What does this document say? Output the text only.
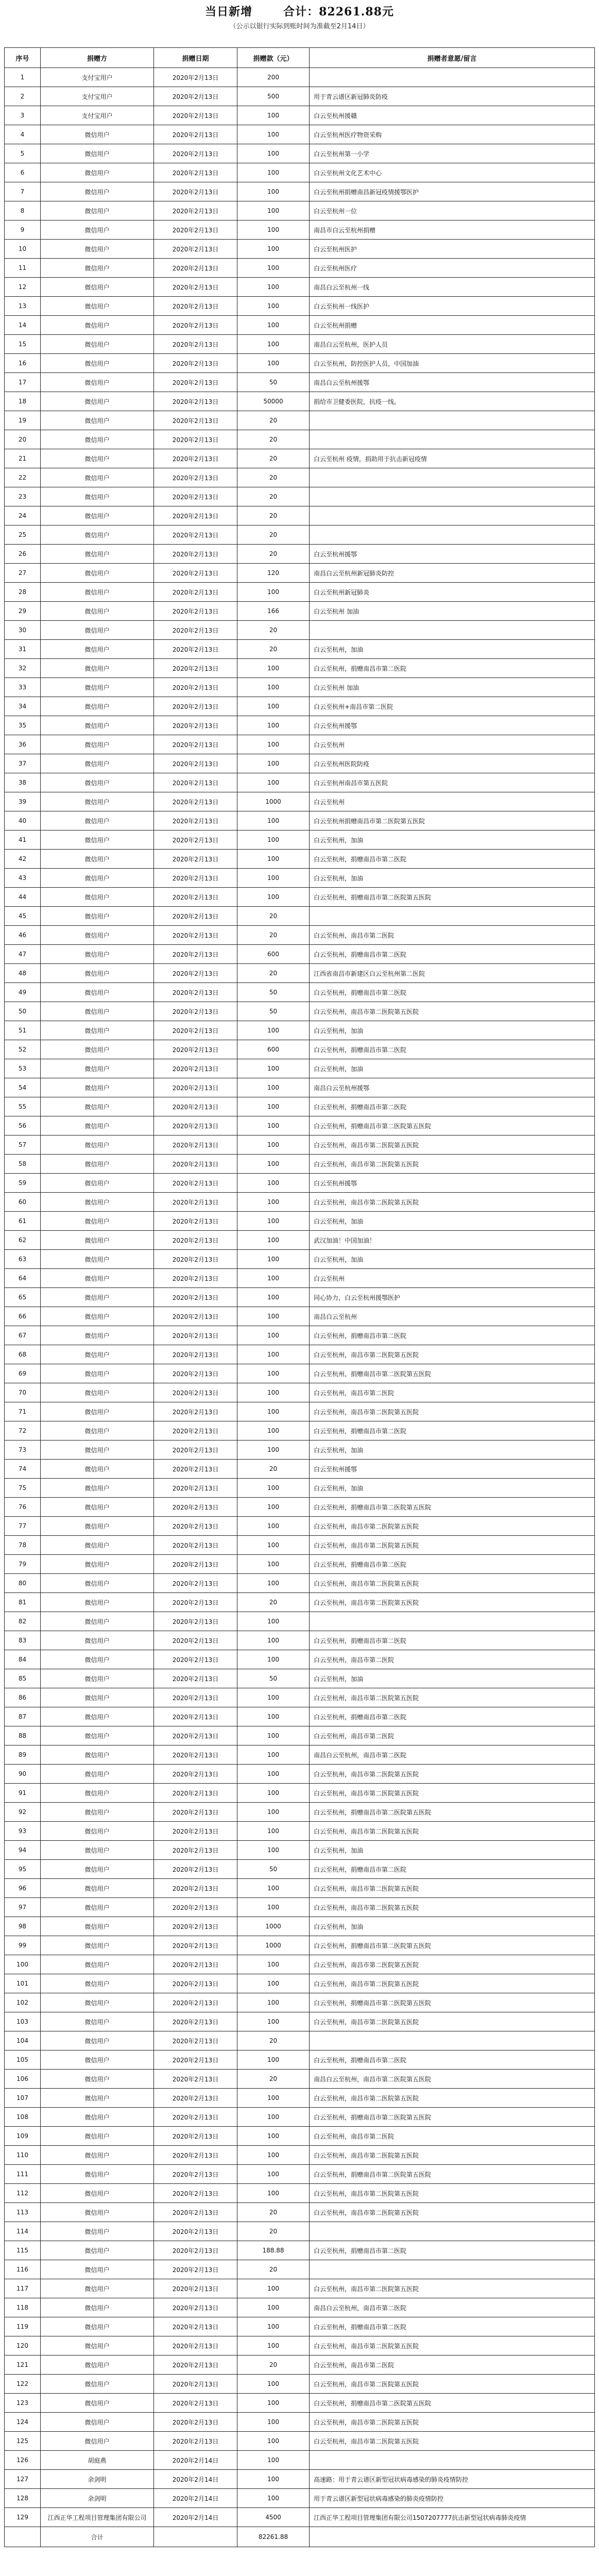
当日新增	合计：82261.88元
（公示以银行实际到账时间为准截至2月14日）
序号	捐赠方	捐赠日期	捐赠款（元）	捐赠者意愿/留言
1	支付宝用户	2020年2月13日	200	
2	支付宝用户	2020年2月13日	500	用于青云谱区新冠肺炎防疫
3	支付宝用户	2020年2月13日	100	白云至杭州援赣
4	微信用户	2020年2月13日	100	白云至杭州医疗物资采购
5	微信用户	2020年2月13日	100	白云至杭州第一小学
6	微信用户	2020年2月13日	100	白云至杭州文化艺术中心
7	微信用户	2020年2月13日	100	白云至杭州捐赠南昌新冠疫情援鄂医护
8	微信用户	2020年2月13日	100	白云至杭州一位
9	微信用户	2020年2月13日	100	南昌市白云至杭州捐赠
10	微信用户	2020年2月13日	100	白云至杭州医护
11	微信用户	2020年2月13日	100	白云至杭州医疗
12	微信用户	2020年2月13日	100	南昌白云至杭州一线
13	微信用户	2020年2月13日	100	白云至杭州一线医护
14	微信用户	2020年2月13日	100	白云至杭州捐赠
15	微信用户	2020年2月13日	100	南昌白云至杭州，医护人员
16	微信用户	2020年2月13日	100	白云至杭州，防控医护人员，中国加油
17	微信用户	2020年2月13日	50	南昌白云至杭州援鄂
18	微信用户	2020年2月13日	50000	捐给市卫健委医院，抗疫一线。
19	微信用户	2020年2月13日	20	
20	微信用户	2020年2月13日	20	
21	微信用户	2020年2月13日	20	白云至杭州 疫情，捐助用于抗击新冠疫情
22	微信用户	2020年2月13日	20	
23	微信用户	2020年2月13日	20	
24	微信用户	2020年2月13日	20	
25	微信用户	2020年2月13日	20	
26	微信用户	2020年2月13日	20	白云至杭州援鄂
27	微信用户	2020年2月13日	120	南昌白云至杭州新冠肺炎防控
28	微信用户	2020年2月13日	100	白云至杭州新冠肺炎
29	微信用户	2020年2月13日	166	白云至杭州 加油
30	微信用户	2020年2月13日	20	
31	微信用户	2020年2月13日	20	白云至杭州，加油
32	微信用户	2020年2月13日	100	白云至杭州，捐赠南昌市第二医院
33	微信用户	2020年2月13日	100	白云至杭州 加油
34	微信用户	2020年2月13日	100	白云至杭州+南昌市第二医院
35	微信用户	2020年2月13日	100	白云至杭州援鄂
36	微信用户	2020年2月13日	100	白云至杭州
37	微信用户	2020年2月13日	100	白云至杭州医院防疫
38	微信用户	2020年2月13日	100	白云至杭州南昌市第五医院
39	微信用户	2020年2月13日	1000	白云至杭州
40	微信用户	2020年2月13日	100	白云至杭州捐赠南昌市第二医院第五医院
41	微信用户	2020年2月13日	100	白云至杭州，加油
42	微信用户	2020年2月13日	100	白云至杭州，捐赠南昌市第二医院
43	微信用户	2020年2月13日	100	白云至杭州，加油
44	微信用户	2020年2月13日	100	白云至杭州，捐赠南昌市第二医院第五医院
45	微信用户	2020年2月13日	20	
46	微信用户	2020年2月13日	20	白云至杭州，南昌市第二医院
47	微信用户	2020年2月13日	600	白云至杭州，捐赠南昌市第二医院
48	微信用户	2020年2月13日	20	江西省南昌市新建区白云至杭州第二医院
49	微信用户	2020年2月13日	50	白云至杭州，捐赠南昌市第二医院
50	微信用户	2020年2月13日	50	白云至杭州，南昌市第二医院第五医院
51	微信用户	2020年2月13日	100	白云至杭州，加油
52	微信用户	2020年2月13日	600	白云至杭州，捐赠南昌市第二医院
53	微信用户	2020年2月13日	100	白云至杭州，加油
54	微信用户	2020年2月13日	100	南昌白云至杭州援鄂
55	微信用户	2020年2月13日	100	白云至杭州，捐赠南昌市第二医院
56	微信用户	2020年2月13日	100	白云至杭州，捐赠南昌市第二医院第五医院
57	微信用户	2020年2月13日	100	白云至杭州，南昌市第二医院第五医院
58	微信用户	2020年2月13日	100	白云至杭州，南昌市第二医院第五医院
59	微信用户	2020年2月13日	100	白云至杭州援鄂
60	微信用户	2020年2月13日	100	白云至杭州，南昌市第二医院第五医院
61	微信用户	2020年2月13日	100	白云至杭州，加油
62	微信用户	2020年2月13日	100	武汉加油！中国加油！
63	微信用户	2020年2月13日	100	白云至杭州，加油
64	微信用户	2020年2月13日	100	白云至杭州
65	微信用户	2020年2月13日	100	同心协力，白云至杭州援鄂医护
66	微信用户	2020年2月13日	100	南昌白云至杭州
67	微信用户	2020年2月13日	100	白云至杭州，捐赠南昌市第二医院
68	微信用户	2020年2月13日	100	白云至杭州，南昌市第二医院第五医院
69	微信用户	2020年2月13日	100	白云至杭州，捐赠南昌市第二医院第五医院
70	微信用户	2020年2月13日	100	白云至杭州，南昌市第二医院
71	微信用户	2020年2月13日	100	白云至杭州，南昌市第二医院第五医院
72	微信用户	2020年2月13日	100	白云至杭州，捐赠南昌市第二医院
73	微信用户	2020年2月13日	100	白云至杭州，加油
74	微信用户	2020年2月13日	20	白云至杭州援鄂
75	微信用户	2020年2月13日	100	白云至杭州，加油
76	微信用户	2020年2月13日	100	白云至杭州，捐赠南昌市第二医院第五医院
77	微信用户	2020年2月13日	100	白云至杭州，南昌市第二医院第五医院
78	微信用户	2020年2月13日	100	白云至杭州，南昌市第二医院第五医院
79	微信用户	2020年2月13日	100	白云至杭州，捐赠南昌市第二医院
80	微信用户	2020年2月13日	100	白云至杭州，南昌市第二医院第五医院
81	微信用户	2020年2月13日	20	白云至杭州，南昌市第二医院第五医院
82	微信用户	2020年2月13日	100	
83	微信用户	2020年2月13日	100	白云至杭州，捐赠南昌市第二医院
84	微信用户	2020年2月13日	100	白云至杭州，南昌市第二医院
85	微信用户	2020年2月13日	50	白云至杭州，加油
86	微信用户	2020年2月13日	100	白云至杭州，南昌市第二医院第五医院
87	微信用户	2020年2月13日	100	白云至杭州，捐赠南昌市第二医院
88	微信用户	2020年2月13日	100	白云至杭州，南昌市第二医院
89	微信用户	2020年2月13日	100	南昌白云至杭州，南昌市第二医院
90	微信用户	2020年2月13日	100	白云至杭州，南昌市第二医院第五医院
91	微信用户	2020年2月13日	100	白云至杭州，南昌市第二医院第五医院
92	微信用户	2020年2月13日	100	白云至杭州，捐赠南昌市第二医院第五医院
93	微信用户	2020年2月13日	100	白云至杭州，南昌市第二医院第五医院
94	微信用户	2020年2月13日	100	白云至杭州，加油
95	微信用户	2020年2月13日	50	白云至杭州，捐赠南昌市第二医院
96	微信用户	2020年2月13日	100	白云至杭州，南昌市第二医院第五医院
97	微信用户	2020年2月13日	100	白云至杭州，南昌市第二医院第五医院
98	微信用户	2020年2月13日	1000	白云至杭州，加油
99	微信用户	2020年2月13日	1000	白云至杭州，捐赠南昌市第二医院第五医院
100	微信用户	2020年2月13日	100	白云至杭州，南昌市第二医院第五医院
101	微信用户	2020年2月13日	100	白云至杭州，南昌市第二医院第五医院
102	微信用户	2020年2月13日	100	白云至杭州，捐赠南昌市第二医院第五医院
103	微信用户	2020年2月13日	100	白云至杭州，南昌市第二医院第五医院
104	微信用户	2020年2月13日	20	
105	微信用户	2020年2月13日	100	白云至杭州，捐赠南昌市第二医院
106	微信用户	2020年2月13日	20	南昌白云至杭州，南昌市第二医院第五医院
107	微信用户	2020年2月13日	100	白云至杭州，南昌市第二医院第五医院
108	微信用户	2020年2月13日	100	白云至杭州，捐赠南昌市第二医院第五医院
109	微信用户	2020年2月13日	100	白云至杭州，南昌市第二医院
110	微信用户	2020年2月13日	100	白云至杭州，南昌市第二医院第五医院
111	微信用户	2020年2月13日	100	白云至杭州，捐赠南昌市第二医院第五医院
112	微信用户	2020年2月13日	100	白云至杭州，南昌市第二医院第五医院
113	微信用户	2020年2月13日	20	白云至杭州，南昌市第二医院第五医院
114	微信用户	2020年2月13日	20	
115	微信用户	2020年2月13日	188.88	白云至杭州，捐赠南昌市第二医院
116	微信用户	2020年2月13日	20	
117	微信用户	2020年2月13日	100	白云至杭州，南昌市第二医院第五医院
118	微信用户	2020年2月13日	100	南昌白云至杭州，南昌市第二医院
119	微信用户	2020年2月13日	100	白云至杭州，捐赠南昌市第二医院
120	微信用户	2020年2月13日	100	白云至杭州，南昌市第二医院第五医院
121	微信用户	2020年2月13日	20	白云至杭州，南昌市第二医院
122	微信用户	2020年2月13日	100	白云至杭州，南昌市第二医院第五医院
123	微信用户	2020年2月13日	100	白云至杭州，捐赠南昌市第二医院第五医院
124	微信用户	2020年2月13日	100	白云至杭州，南昌市第二医院第五医院
125	微信用户	2020年2月13日	100	白云至杭州，南昌市第二医院第五医院
126	胡庭燕	2020年2月14日	100	
127	余剑明	2020年2月14日	100	高速路：用于青云谱区新型冠状病毒感染的肺炎疫情防控
128	余剑明	2020年2月14日	100	用于青云谱区新型冠状病毒感染的肺炎疫情防控
129	江西正华工程项目管理集团有限公司	2020年2月14日	4500	江西正华工程项目管理集团有限公司1507207777抗击新型冠状病毒肺炎疫情
	合计		82261.88	
